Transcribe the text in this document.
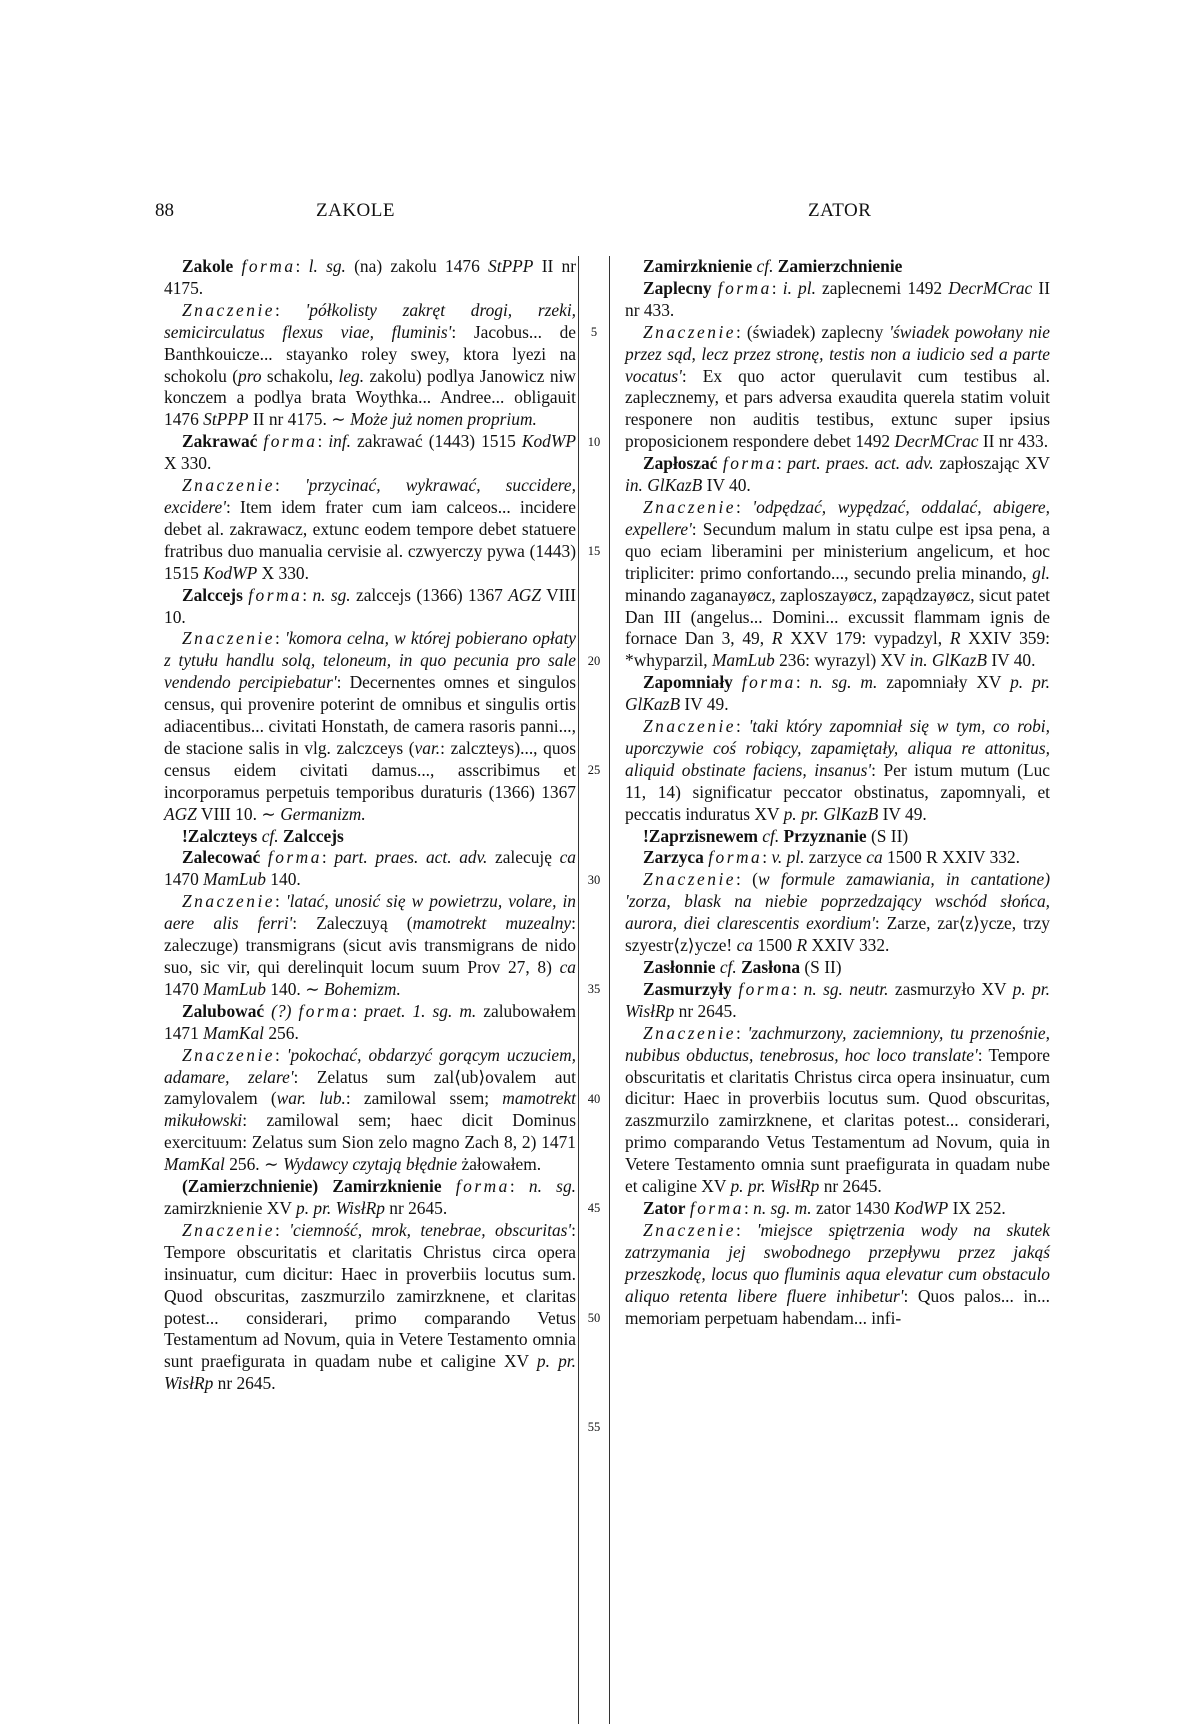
88	ZAKOLE	ZATOR
5
10
15
20
25
30
35
40
45
50
55

Zakole forma: l. sg. (na) zakolu 1476 StPPP II nr 4175.

Znaczenie: 'półkolisty zakręt drogi, rzeki, semicirculatus flexus viae, fluminis': Jacobus... de Banthkouicze... stayanko roley swey, ktora lyezi na schokolu (pro schakolu, leg. zakolu) podlya Janowicz niw konczem a podlya brata Woythka... Andree... obligauit 1476 StPPP II nr 4175. ∼ Może już nomen proprium.

Zakrawać forma: inf. zakrawać (1443) 1515 KodWP X 330.

Znaczenie: 'przycinać, wykrawać, succidere, excidere': Item idem frater cum iam calceos... incidere debet al. zakrawacz, extunc eodem tempore debet statuere fratribus duo manualia cervisie al. czwyerczy pywa (1443) 1515 KodWP X 330.

Zalccejs forma: n. sg. zalccejs (1366) 1367 AGZ VIII 10.

Znaczenie: 'komora celna, w której pobierano opłaty z tytułu handlu solą, teloneum, in quo pecunia pro sale vendendo percipiebatur': Decernentes omnes et singulos census, qui provenire poterint de omnibus et singulis ortis adiacentibus... civitati Honstath, de camera rasoris panni..., de stacione salis in vlg. zalczceys (var.: zalczteys)..., quos census eidem civitati damus..., asscribimus et incorporamus perpetuis temporibus duraturis (1366) 1367 AGZ VIII 10. ∼ Germanizm.

!Zalczteys cf. Zalccejs

Zalecować forma: part. praes. act. adv. zalecuję ca 1470 MamLub 140.

Znaczenie: 'latać, unosić się w powietrzu, volare, in aere alis ferri': Zaleczuyą (mamotrekt muzealny: zaleczuge) transmigrans (sicut avis transmigrans de nido suo, sic vir, qui derelinquit locum suum Prov 27, 8) ca 1470 MamLub 140. ∼ Bohemizm.

Zalubować (?) forma: praet. 1. sg. m. zalubowałem 1471 MamKal 256.

Znaczenie: 'pokochać, obdarzyć gorącym uczuciem, adamare, zelare': Zelatus sum zal⟨ub⟩ovalem aut zamylovalem (war. lub.: zamilowal ssem; mamotrekt mikułowski: zamilowal sem; haec dicit Dominus exercituum: Zelatus sum Sion zelo magno Zach 8, 2) 1471 MamKal 256. ∼ Wydawcy czytają błędnie żałowałem.

(Zamierzchnienie) Zamirzknienie forma: n. sg. zamirzknienie XV p. pr. WisłRp nr 2645.

Znaczenie: 'ciemność, mrok, tenebrae, obscuritas': Tempore obscuritatis et claritatis Christus circa opera insinuatur, cum dicitur: Haec in proverbiis locutus sum. Quod obscuritas, zaszmurzilo zamirzknene, et claritas potest... considerari, primo comparando Vetus Testamentum ad Novum, quia in Vetere Testamento omnia sunt praefigurata in quadam nube et caligine XV p. pr. WisłRp nr 2645.

Zamirzknienie cf. Zamierzchnienie

Zaplecny forma: i. pl. zaplecnemi 1492 DecrMCrac II nr 433.

Znaczenie: (świadek) zaplecny 'świadek powołany nie przez sąd, lecz przez stronę, testis non a iudicio sed a parte vocatus': Ex quo actor querulavit cum testibus al. zaplecznemy, et pars adversa exaudita querela statim voluit responere non auditis testibus, extunc super ipsius proposicionem respondere debet 1492 DecrMCrac II nr 433.

Zapłoszać forma: part. praes. act. adv. zapłoszając XV in. GlKazB IV 40.

Znaczenie: 'odpędzać, wypędzać, oddalać, abigere, expellere': Secundum malum in statu culpe est ipsa pena, a quo eciam liberamini per ministerium angelicum, et hoc tripliciter: primo confortando..., secundo prelia minando, gl. minando zaganayøcz, zaploszayøcz, zapądzayøcz, sicut patet Dan III (angelus... Domini... excussit flammam ignis de fornace Dan 3, 49, R XXV 179: vypadzyl, R XXIV 359: *whyparzil, MamLub 236: wyrazyl) XV in. GlKazB IV 40.

Zapomniały forma: n. sg. m. zapomniały XV p. pr. GlKazB IV 49.

Znaczenie: 'taki który zapomniał się w tym, co robi, uporczywie coś robiący, zapamiętały, aliqua re attonitus, aliquid obstinate faciens, insanus': Per istum mutum (Luc 11, 14) significatur peccator obstinatus, zapomnyali, et peccatis induratus XV p. pr. GlKazB IV 49.

!Zaprzisnewem cf. Przyznanie (S II)

Zarzyca forma: v. pl. zarzyce ca 1500 R XXIV 332.

Znaczenie: (w formule zamawiania, in cantatione) 'zorza, blask na niebie poprzedzający wschód słońca, aurora, diei clarescentis exordium': Zarze, zar⟨z⟩ycze, trzy szyestr⟨z⟩ycze! ca 1500 R XXIV 332.

Zasłonnie cf. Zasłona (S II)

Zasmurzyły forma: n. sg. neutr. zasmurzyło XV p. pr. WisłRp nr 2645.

Znaczenie: 'zachmurzony, zaciemniony, tu przenośnie, nubibus obductus, tenebrosus, hoc loco translate': Tempore obscuritatis et claritatis Christus circa opera insinuatur, cum dicitur: Haec in proverbiis locutus sum. Quod obscuritas, zaszmurzilo zamirzknene, et claritas potest... considerari, primo comparando Vetus Testamentum ad Novum, quia in Vetere Testamento omnia sunt praefigurata in quadam nube et caligine XV p. pr. WisłRp nr 2645.

Zator forma: n. sg. m. zator 1430 KodWP IX 252.

Znaczenie: 'miejsce spiętrzenia wody na skutek zatrzymania jej swobodnego przepływu przez jakąś przeszkodę, locus quo fluminis aqua elevatur cum obstaculo aliquo retenta libere fluere inhibetur': Quos palos... in... memoriam perpetuam habendam... infi-
